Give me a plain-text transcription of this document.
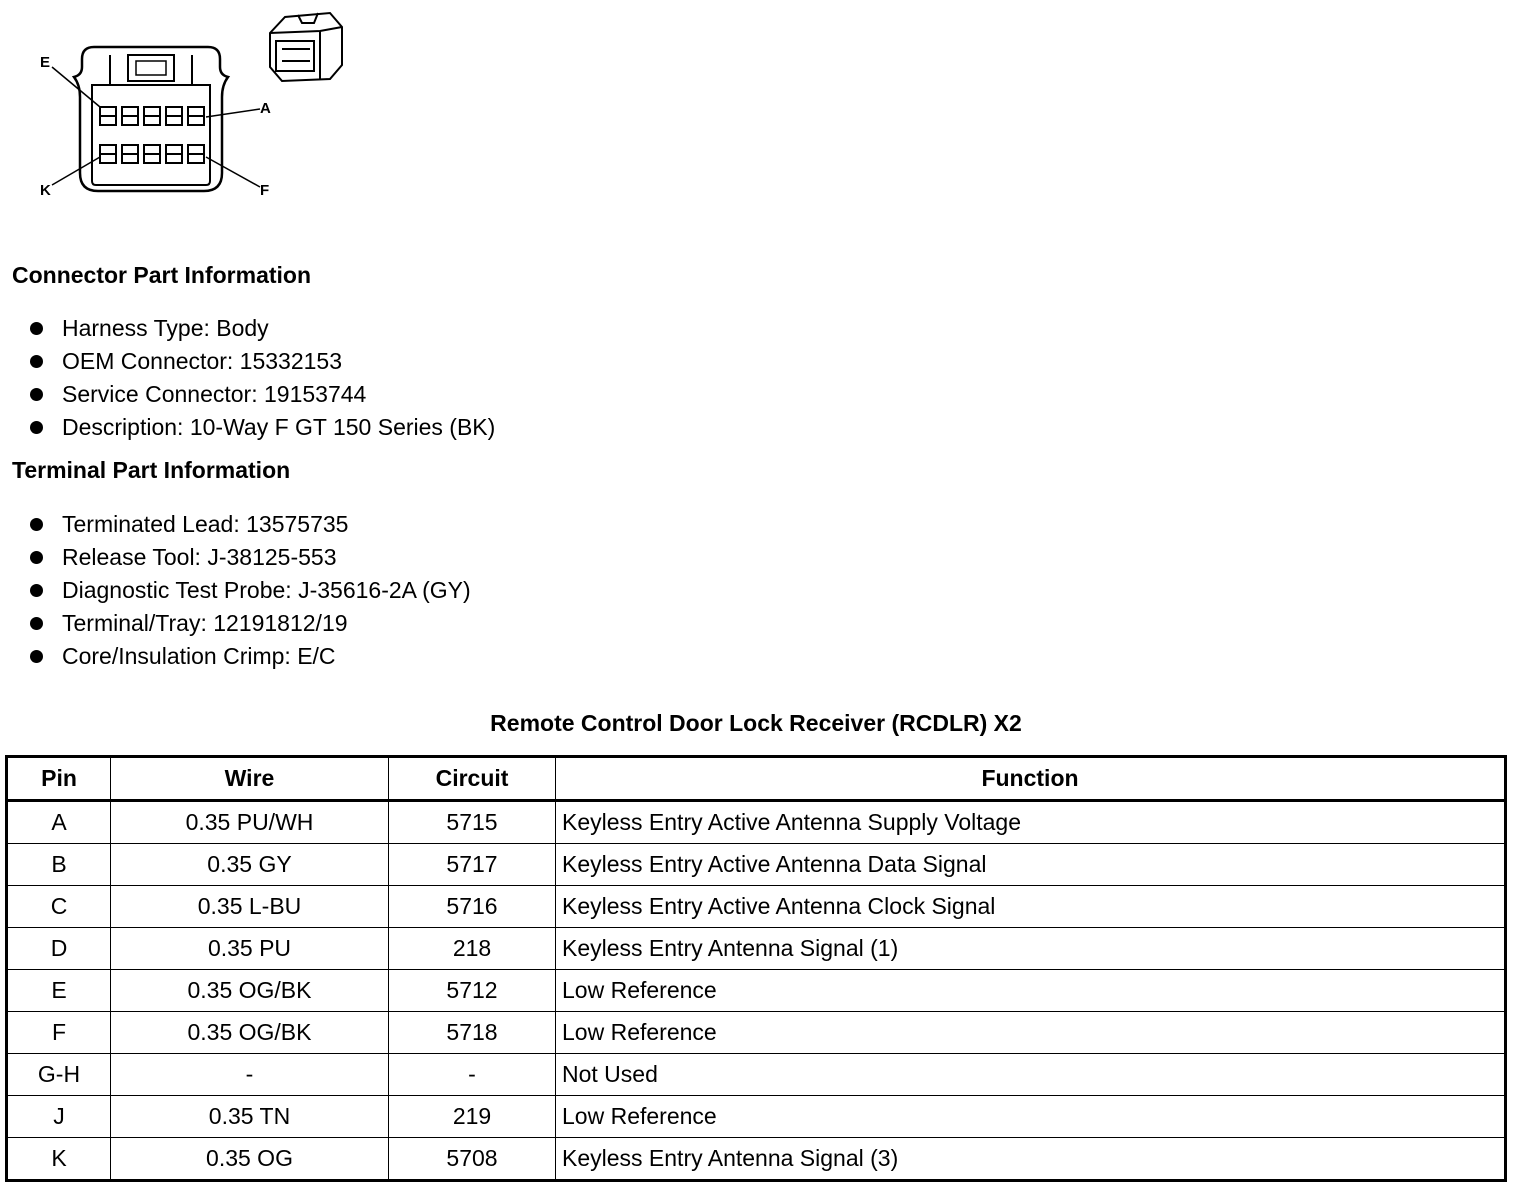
E
A
K	F
Connector Part Information
Harness Type: Body
OEM Connector: 15332153
Service Connector: 19153744
Description: 10-Way F GT 150 Series (BK)
Terminal Part Information
Terminated Lead: 13575735
Release Tool: J-38125-553
Diagnostic Test Probe: J-35616-2A (GY)
Terminal/Tray: 12191812/19
Core/Insulation Crimp: E/C
Remote Control Door Lock Receiver (RCDLR) X2
Pin	Wire	Circuit	Function
A	0.35 PU/WH	5715	Keyless Entry Active Antenna Supply Voltage
B	0.35 GY	5717	Keyless Entry Active Antenna Data Signal
C	0.35 L-BU	5716	Keyless Entry Active Antenna Clock Signal
D	0.35 PU	218	Keyless Entry Antenna Signal (1)
E	0.35 OG/BK	5712	Low Reference
F	0.35 OG/BK	5718	Low Reference
G-H	-	-	Not Used
J	0.35 TN	219	Low Reference
K	0.35 OG	5708	Keyless Entry Antenna Signal (3)
